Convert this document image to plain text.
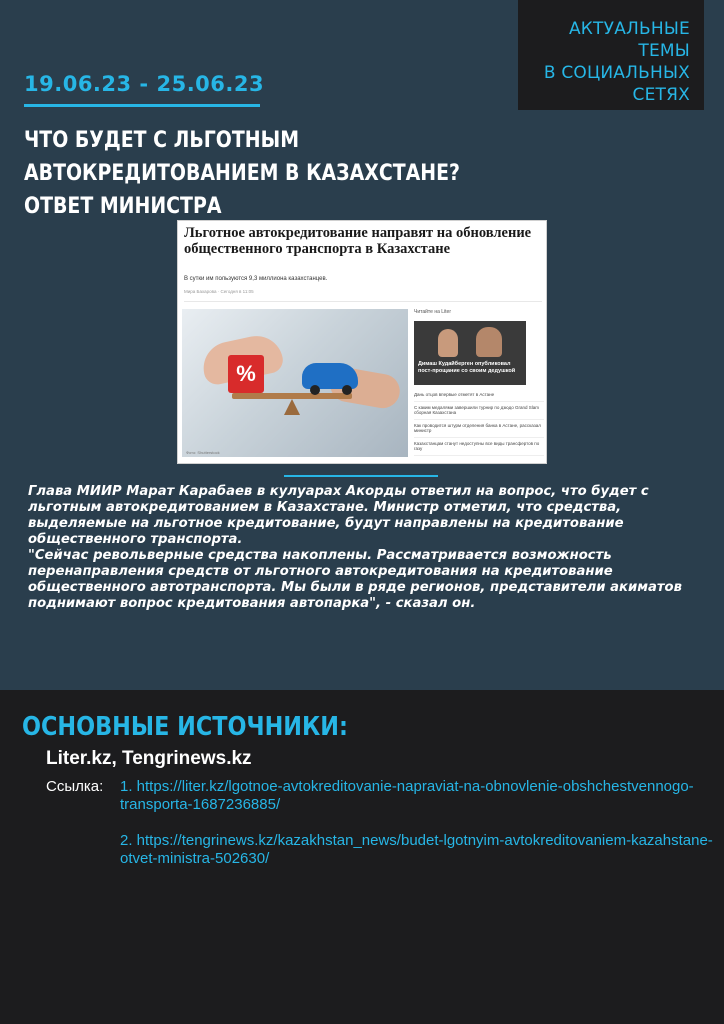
АКТУАЛЬНЫЕ ТЕМЫ
В СОЦИАЛЬНЫХ
СЕТЯХ
19.06.23 - 25.06.23
ЧТО БУДЕТ С ЛЬГОТНЫМ АВТОКРЕДИТОВАНИЕМ В КАЗАХСТАНЕ? ОТВЕТ МИНИСТРА
Льготное автокредитование направят на обновление общественного транспорта в Казахстане
В сутки им пользуются 9,3 миллиона казахстанцев.
Мира Бахарова · Сегодня в 11:05
%
Фото: Shutterstock
Читайте на Liter
Димаш Кудайберген опубликовал пост-прощание со своим дедушкой
Дань отцов впервые отметят в Астане
С каким медалями завершили турнир по дзюдо Grand Slam сборная Казахстана
Как проводится штурм отделения банка в Астане, рассказал министр
Казахстанцам станут недоступны все виды трансфертов по газу

Глава МИИР Марат Карабаев в кулуарах Акорды ответил на вопрос, что будет с льготным автокредитованием в Казахстане. Министр отметил, что средства, выделяемые на льготное кредитование, будут направлены на кредитование общественного транспорта.

"Сейчас револьверные средства накоплены. Рассматривается возможность перенаправления средств от льготного автокредитования на кредитование общественного автотранспорта. Мы были в ряде регионов, представители акиматов поднимают вопрос кредитования автопарка", - сказал он.

ОСНОВНЫЕ ИСТОЧНИКИ:
Liter.kz, Tengrinews.kz
Ссылка: 1. https://liter.kz/lgotnoe-avtokreditovanie-napraviat-na-obnovlenie-obshchestvennogo-transporta-1687236885/
2. https://tengrinews.kz/kazakhstan_news/budet-lgotnyim-avtokreditovaniem-kazahstane-otvet-ministra-502630/
